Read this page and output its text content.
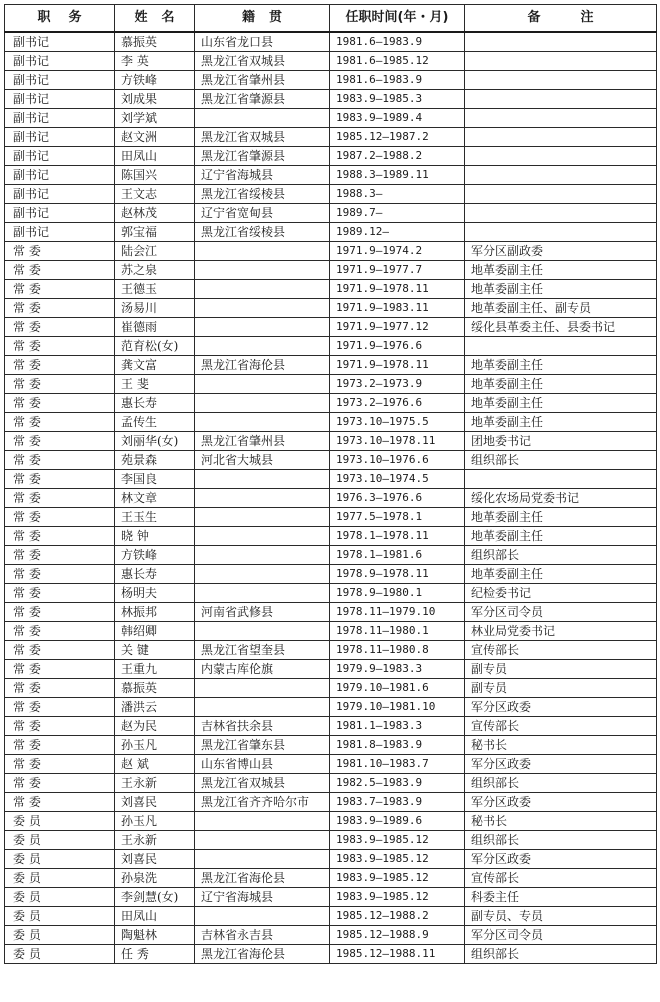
职务	姓名	籍贯	任职时间(年・月)	备注
副书记	慕振英	山东省龙口县	1981.6—1983.9	
副书记	李 英	黑龙江省双城县	1981.6—1985.12	
副书记	方铁峰	黑龙江省肇州县	1981.6—1983.9	
副书记	刘成果	黑龙江省肇源县	1983.9—1985.3	
副书记	刘学斌		1983.9—1989.4	
副书记	赵文洲	黑龙江省双城县	1985.12—1987.2	
副书记	田凤山	黑龙江省肇源县	1987.2—1988.2	
副书记	陈国兴	辽宁省海城县	1988.3—1989.11	
副书记	王文志	黑龙江省绥棱县	1988.3—	
副书记	赵林茂	辽宁省宽甸县	1989.7—	
副书记	郭宝福	黑龙江省绥棱县	1989.12—	
常 委	陆会江		1971.9—1974.2	军分区副政委
常 委	苏之泉		1971.9—1977.7	地革委副主任
常 委	王德玉		1971.9—1978.11	地革委副主任
常 委	汤易川		1971.9—1983.11	地革委副主任、副专员
常 委	崔德雨		1971.9—1977.12	绥化县革委主任、县委书记
常 委	范育松(女)		1971.9—1976.6	
常 委	龚文富	黑龙江省海伦县	1971.9—1978.11	地革委副主任
常 委	王 斐		1973.2—1973.9	地革委副主任
常 委	惠长寿		1973.2—1976.6	地革委副主任
常 委	孟传生		1973.10—1975.5	地革委副主任
常 委	刘丽华(女)	黑龙江省肇州县	1973.10—1978.11	团地委书记
常 委	苑景森	河北省大城县	1973.10—1976.6	组织部长
常 委	李国良		1973.10—1974.5	
常 委	林文章		1976.3—1976.6	绥化农场局党委书记
常 委	王玉生		1977.5—1978.1	地革委副主任
常 委	晓 钟		1978.1—1978.11	地革委副主任
常 委	方铁峰		1978.1—1981.6	组织部长
常 委	惠长寿		1978.9—1978.11	地革委副主任
常 委	杨明夫		1978.9—1980.1	纪检委书记
常 委	林振邦	河南省武修县	1978.11—1979.10	军分区司令员
常 委	韩绍卿		1978.11—1980.1	林业局党委书记
常 委	关 键	黑龙江省望奎县	1978.11—1980.8	宣传部长
常 委	王重九	内蒙古库伦旗	1979.9—1983.3	副专员
常 委	慕振英		1979.10—1981.6	副专员
常 委	潘洪云		1979.10—1981.10	军分区政委
常 委	赵为民	吉林省扶余县	1981.1—1983.3	宣传部长
常 委	孙玉凡	黑龙江省肇东县	1981.8—1983.9	秘书长
常 委	赵 斌	山东省博山县	1981.10—1983.7	军分区政委
常 委	王永新	黑龙江省双城县	1982.5—1983.9	组织部长
常 委	刘喜民	黑龙江省齐齐哈尔市	1983.7—1983.9	军分区政委
委 员	孙玉凡		1983.9—1989.6	秘书长
委 员	王永新		1983.9—1985.12	组织部长
委 员	刘喜民		1983.9—1985.12	军分区政委
委 员	孙泉洗	黑龙江省海伦县	1983.9—1985.12	宣传部长
委 员	李剑慧(女)	辽宁省海城县	1983.9—1985.12	科委主任
委 员	田凤山		1985.12—1988.2	副专员、专员
委 员	陶魁林	吉林省永吉县	1985.12—1988.9	军分区司令员
委 员	任 秀	黑龙江省海伦县	1985.12—1988.11	组织部长
